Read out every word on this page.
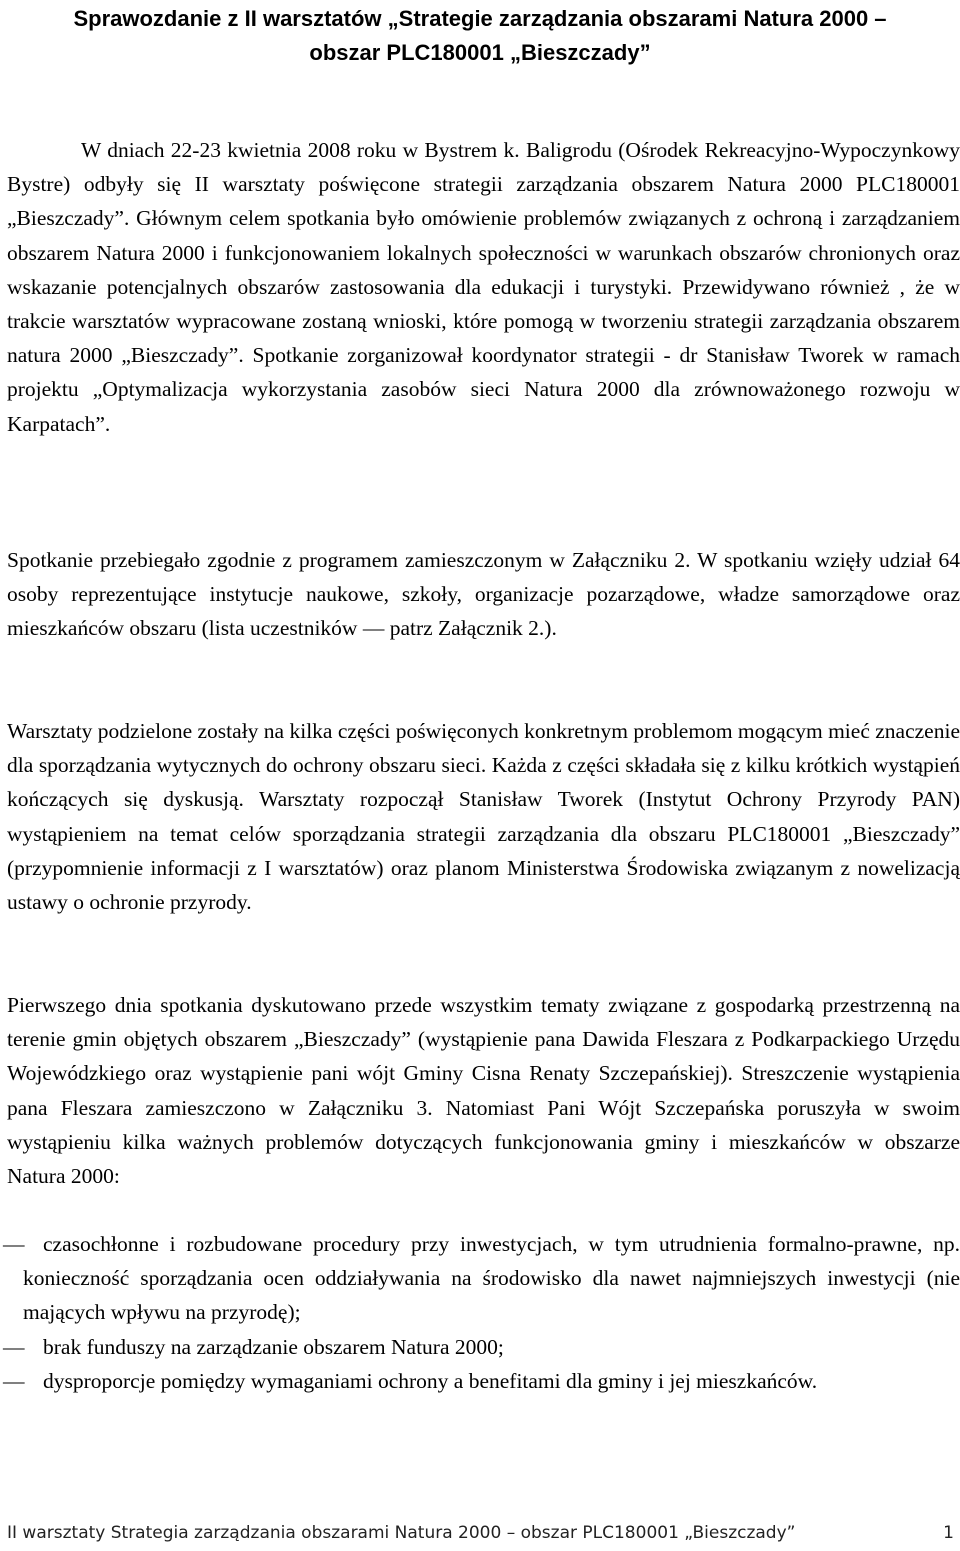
Sprawozdanie z II warsztatów „Strategie zarządzania obszarami Natura 2000 –
obszar PLC180001 „Bieszczady”

W dniach 22-23 kwietnia 2008 roku w Bystrem k. Baligrodu (Ośrodek Rekreacyjno-Wypoczynkowy Bystre) odbyły się II warsztaty poświęcone strategii zarządzania obszarem Natura 2000 PLC180001 „Bieszczady”. Głównym celem spotkania było omówienie problemów związanych z ochroną i zarządzaniem obszarem Natura 2000 i funkcjonowaniem lokalnych społeczności w warunkach obszarów chronionych oraz wskazanie potencjalnych obszarów zastosowania dla edukacji i turystyki. Przewidywano również , że w trakcie warsztatów wypracowane zostaną wnioski, które pomogą w tworzeniu strategii zarządzania obszarem natura 2000 „Bieszczady”. Spotkanie zorganizował koordynator strategii - dr Stanisław Tworek w ramach projektu „Optymalizacja wykorzystania zasobów sieci Natura 2000 dla zrównoważonego rozwoju w Karpatach”.

Spotkanie przebiegało zgodnie z programem zamieszczonym w Załączniku 2. W spotkaniu wzięły udział 64 osoby reprezentujące instytucje naukowe, szkoły, organizacje pozarządowe, władze samorządowe oraz mieszkańców obszaru (lista uczestników — patrz Załącznik 2.).

Warsztaty podzielone zostały na kilka części poświęconych konkretnym problemom mogącym mieć znaczenie dla sporządzania wytycznych do ochrony obszaru sieci. Każda z części składała się z kilku krótkich wystąpień kończących się dyskusją. Warsztaty rozpoczął Stanisław Tworek (Instytut Ochrony Przyrody PAN) wystąpieniem na temat celów sporządzania strategii zarządzania dla obszaru PLC180001 „Bieszczady” (przypomnienie informacji z I warsztatów) oraz planom Ministerstwa Środowiska związanym z nowelizacją ustawy o ochronie przyrody.

Pierwszego dnia spotkania dyskutowano przede wszystkim tematy związane z gospodarką przestrzenną na terenie gmin objętych obszarem „Bieszczady” (wystąpienie pana Dawida Fleszara z Podkarpackiego Urzędu Wojewódzkiego oraz wystąpienie pani wójt Gminy Cisna Renaty Szczepańskiej). Streszczenie wystąpienia pana Fleszara zamieszczono w Załączniku 3. Natomiast Pani Wójt Szczepańska poruszyła w swoim wystąpieniu kilka ważnych problemów dotyczących funkcjonowania gminy i mieszkańców w obszarze Natura 2000:

— czasochłonne i rozbudowane procedury przy inwestycjach, w tym utrudnienia formalno-prawne, np. konieczność sporządzania ocen oddziaływania na środowisko dla nawet najmniejszych inwestycji (nie mających wpływu na przyrodę);
— brak funduszy na zarządzanie obszarem Natura 2000;
— dysproporcje pomiędzy wymaganiami ochrony a benefitami dla gminy i jej mieszkańców.
II warsztaty Strategia zarządzania obszarami Natura 2000 – obszar PLC180001 „Bieszczady”	1
